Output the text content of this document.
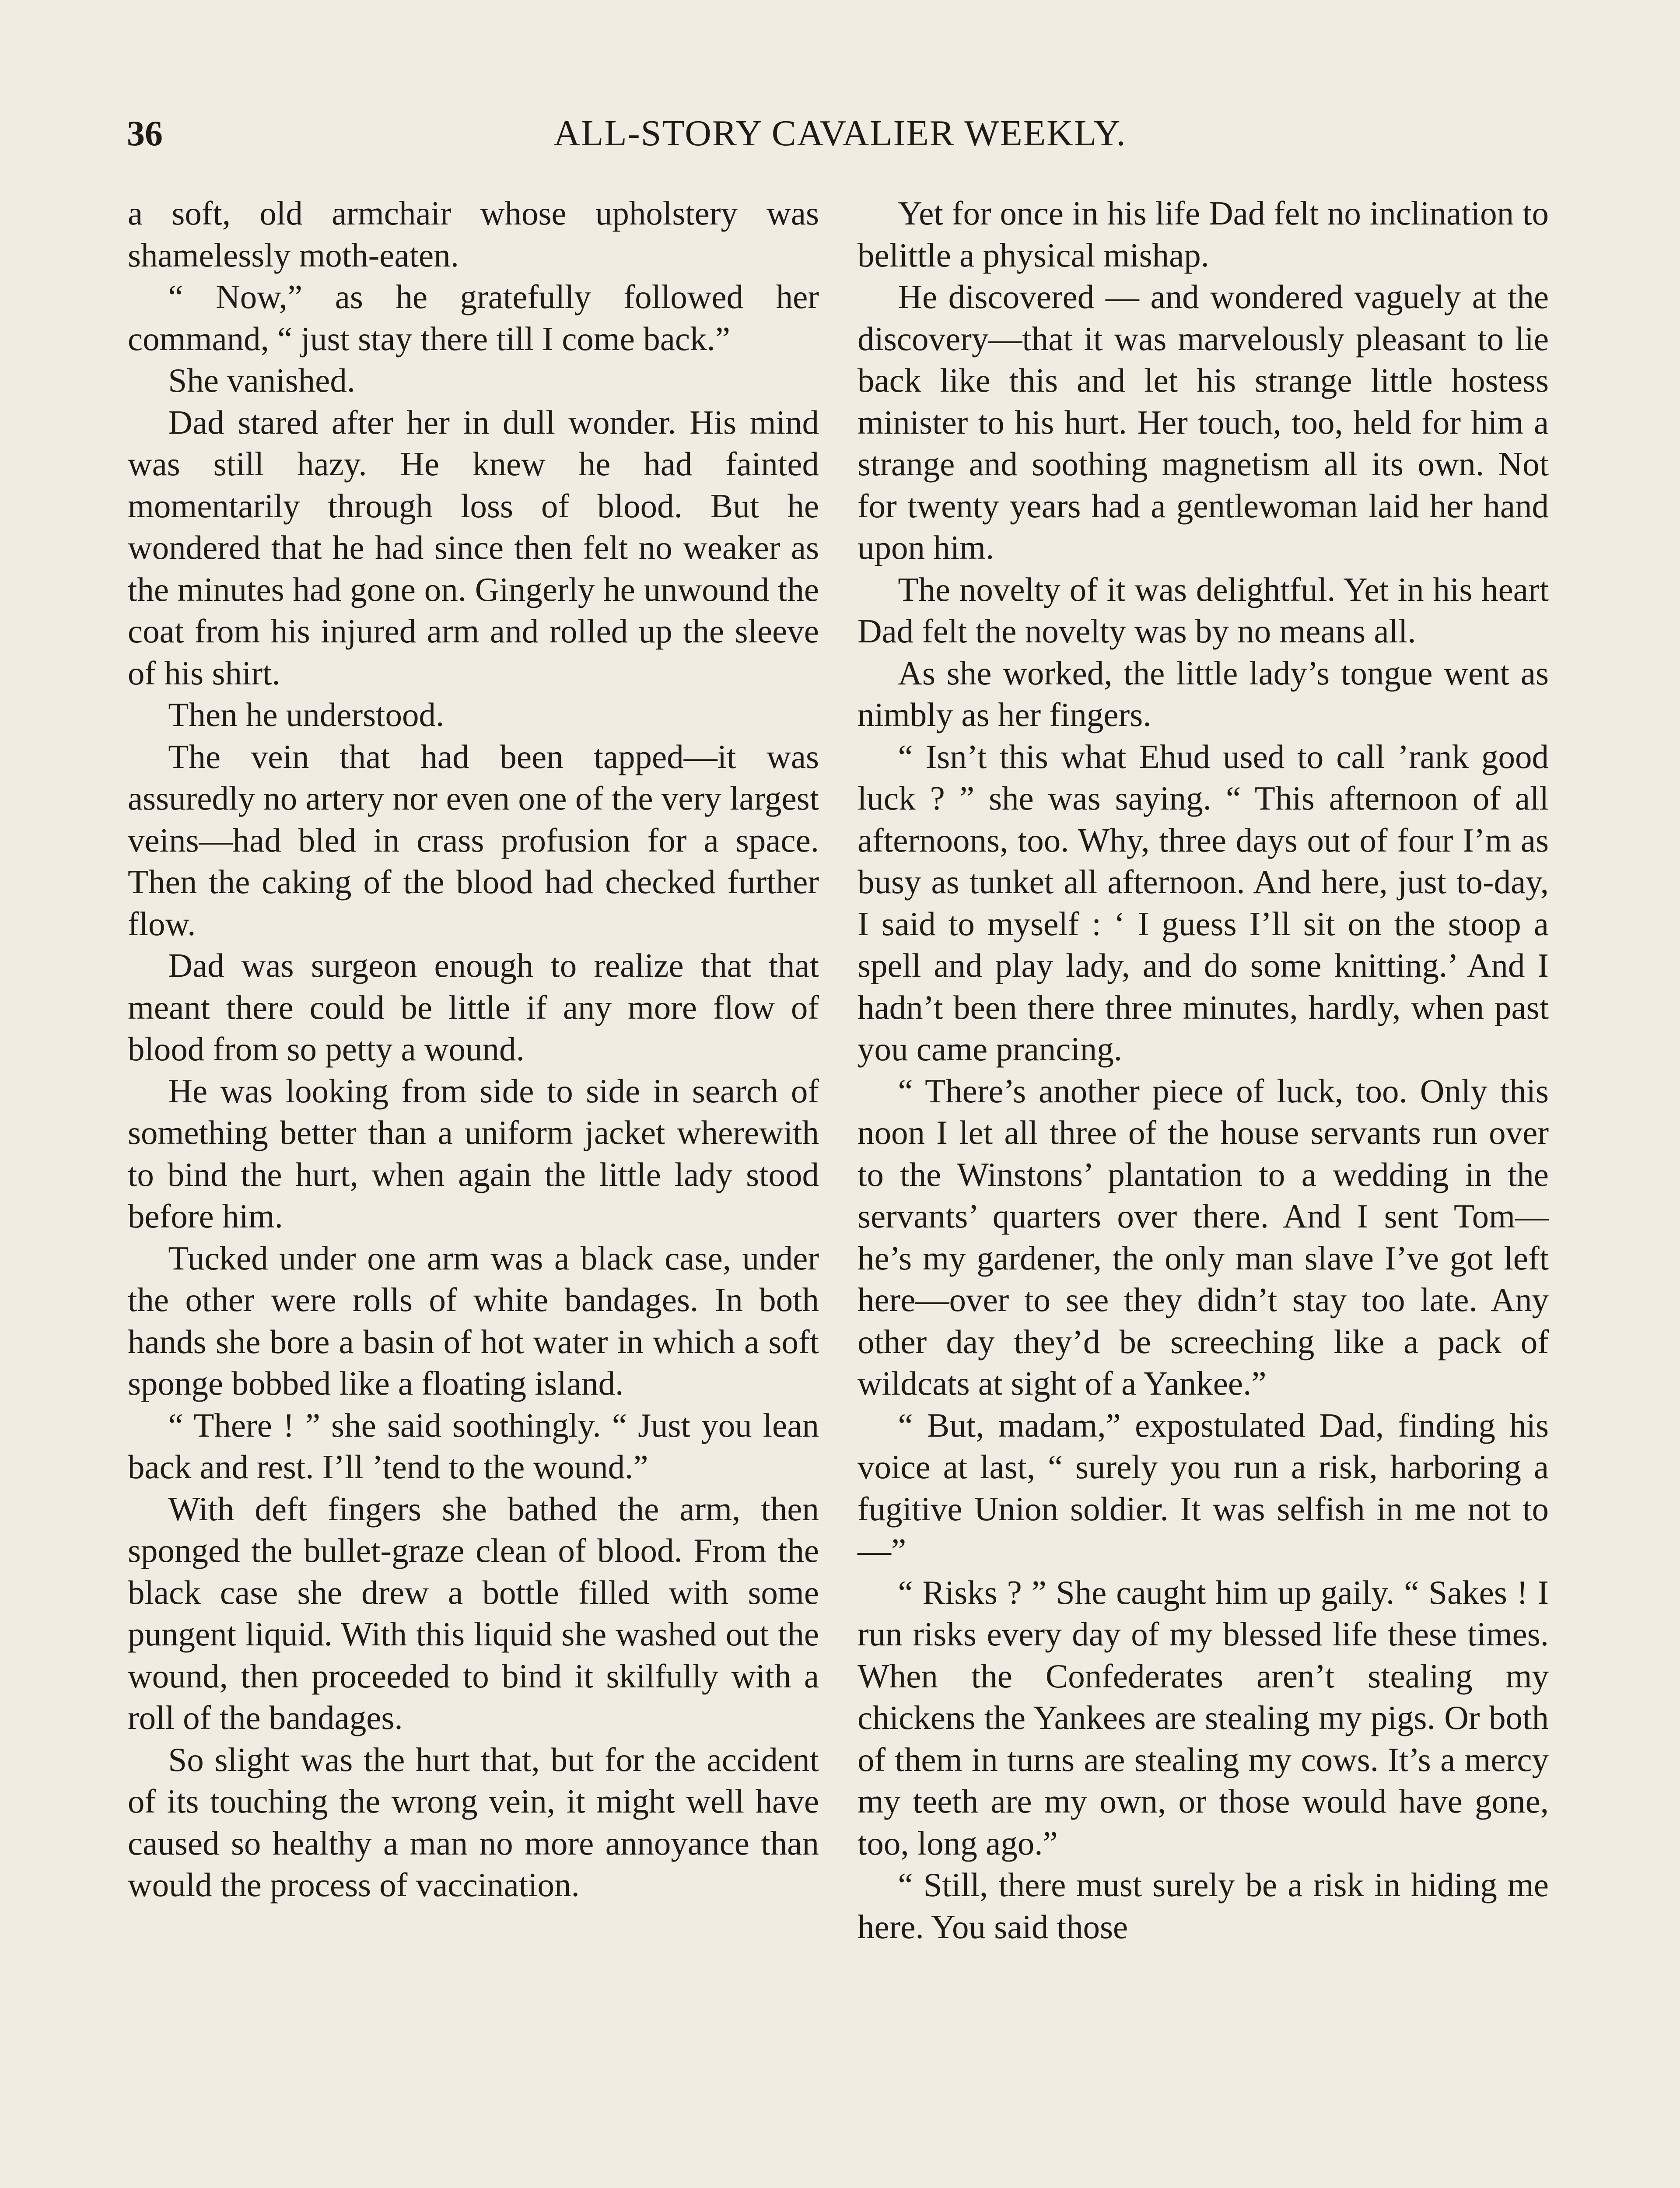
36	ALL-STORY CAVALIER WEEKLY.

a soft, old armchair whose upholstery was shamelessly moth-eaten.

“ Now,” as he gratefully followed her command, “ just stay there till I come back.”

She vanished.

Dad stared after her in dull wonder. His mind was still hazy. He knew he had fainted momentarily through loss of blood. But he wondered that he had since then felt no weaker as the minutes had gone on. Gingerly he unwound the coat from his injured arm and rolled up the sleeve of his shirt.

Then he understood.

The vein that had been tapped—it was assuredly no artery nor even one of the very largest veins—had bled in crass profusion for a space. Then the caking of the blood had checked further flow.

Dad was surgeon enough to realize that that meant there could be little if any more flow of blood from so petty a wound.

He was looking from side to side in search of something better than a uniform jacket wherewith to bind the hurt, when again the little lady stood before him.

Tucked under one arm was a black case, under the other were rolls of white bandages. In both hands she bore a basin of hot water in which a soft sponge bobbed like a floating island.

“ There ! ” she said soothingly. “ Just you lean back and rest. I’ll ’tend to the wound.”

With deft fingers she bathed the arm, then sponged the bullet-graze clean of blood. From the black case she drew a bottle filled with some pungent liquid. With this liquid she washed out the wound, then proceeded to bind it skilfully with a roll of the bandages.

So slight was the hurt that, but for the accident of its touching the wrong vein, it might well have caused so healthy a man no more annoyance than would the process of vaccination.

Yet for once in his life Dad felt no inclination to belittle a physical mishap.

He discovered — and wondered vaguely at the discovery—that it was marvelously pleasant to lie back like this and let his strange little hostess minister to his hurt. Her touch, too, held for him a strange and soothing magnetism all its own. Not for twenty years had a gentlewoman laid her hand upon him.

The novelty of it was delightful. Yet in his heart Dad felt the novelty was by no means all.

As she worked, the little lady’s tongue went as nimbly as her fingers.

“ Isn’t this what Ehud used to call ’rank good luck ? ” she was saying. “ This afternoon of all afternoons, too. Why, three days out of four I’m as busy as tunket all afternoon. And here, just to-day, I said to myself : ‘ I guess I’ll sit on the stoop a spell and play lady, and do some knitting.’ And I hadn’t been there three minutes, hardly, when past you came prancing.

“ There’s another piece of luck, too. Only this noon I let all three of the house servants run over to the Winstons’ plantation to a wedding in the servants’ quarters over there. And I sent Tom—he’s my gardener, the only man slave I’ve got left here—over to see they didn’t stay too late. Any other day they’d be screeching like a pack of wildcats at sight of a Yankee.”

“ But, madam,” expostulated Dad, finding his voice at last, “ surely you run a risk, harboring a fugitive Union soldier. It was selfish in me not to—”

“ Risks ? ” She caught him up gaily. “ Sakes ! I run risks every day of my blessed life these times. When the Confederates aren’t stealing my chickens the Yankees are stealing my pigs. Or both of them in turns are stealing my cows. It’s a mercy my teeth are my own, or those would have gone, too, long ago.”

“ Still, there must surely be a risk in hiding me here. You said those
